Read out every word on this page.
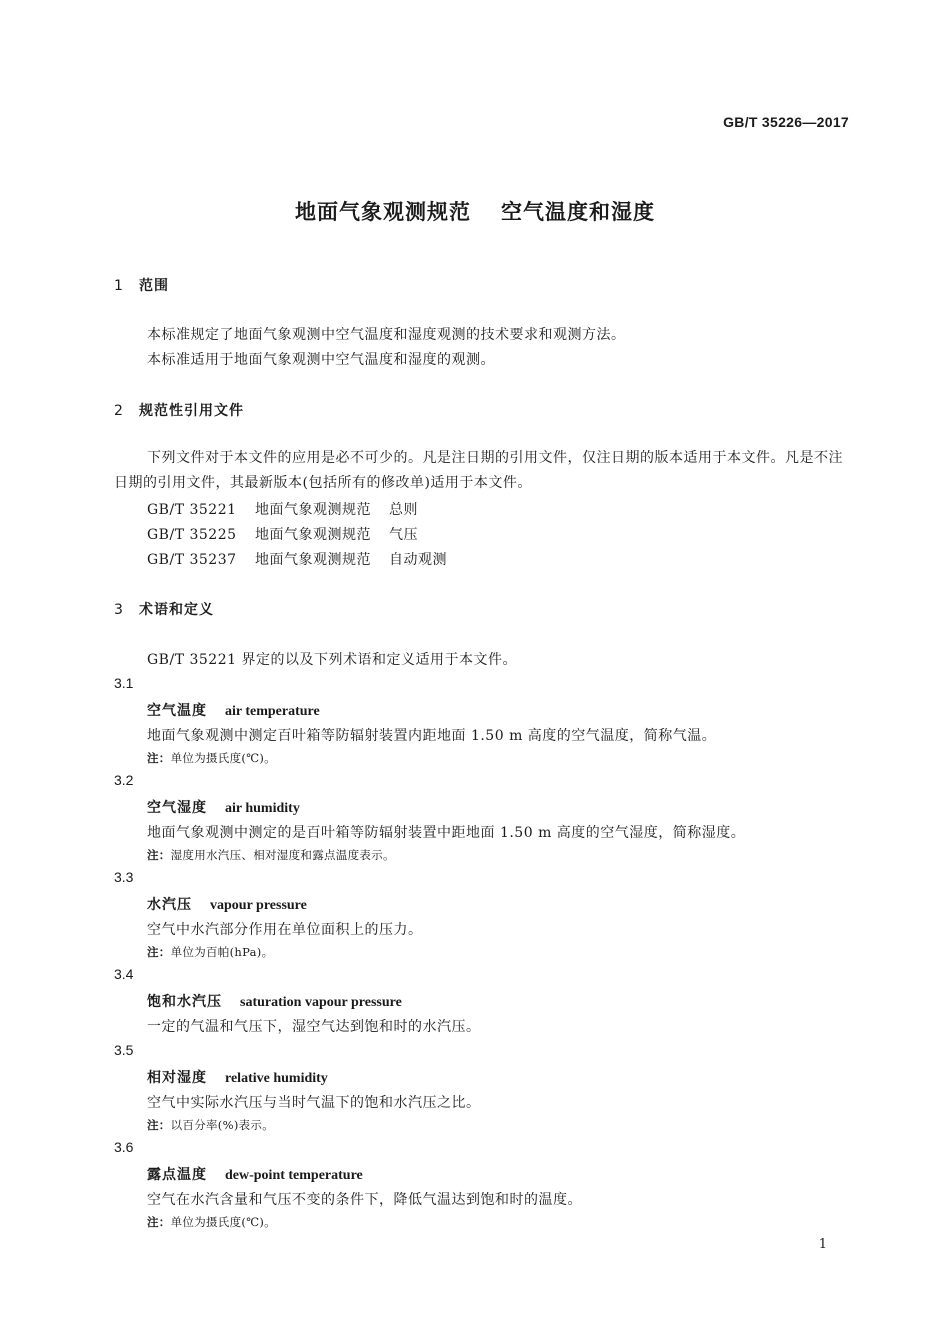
GB/T 35226—2017
地面气象观测规范 空气温度和湿度
1 范围
本标准规定了地面气象观测中空气温度和湿度观测的技术要求和观测方法。
本标准适用于地面气象观测中空气温度和湿度的观测。
2 规范性引用文件
下列文件对于本文件的应用是必不可少的。凡是注日期的引用文件，仅注日期的版本适用于本文件。凡是不注日期的引用文件，其最新版本(包括所有的修改单)适用于本文件。
GB/T 35221 地面气象观测规范 总则
GB/T 35225 地面气象观测规范 气压
GB/T 35237 地面气象观测规范 自动观测
3 术语和定义
GB/T 35221 界定的以及下列术语和定义适用于本文件。
3.1
空气温度 air temperature
地面气象观测中测定百叶箱等防辐射装置内距地面 1.50 m 高度的空气温度，简称气温。
注：单位为摄氏度(℃)。
3.2
空气湿度 air humidity
地面气象观测中测定的是百叶箱等防辐射装置中距地面 1.50 m 高度的空气湿度，简称湿度。
注：湿度用水汽压、相对湿度和露点温度表示。
3.3
水汽压 vapour pressure
空气中水汽部分作用在单位面积上的压力。
注：单位为百帕(hPa)。
3.4
饱和水汽压 saturation vapour pressure
一定的气温和气压下，湿空气达到饱和时的水汽压。
3.5
相对湿度 relative humidity
空气中实际水汽压与当时气温下的饱和水汽压之比。
注：以百分率(%)表示。
3.6
露点温度 dew-point temperature
空气在水汽含量和气压不变的条件下，降低气温达到饱和时的温度。
注：单位为摄氏度(℃)。
1
